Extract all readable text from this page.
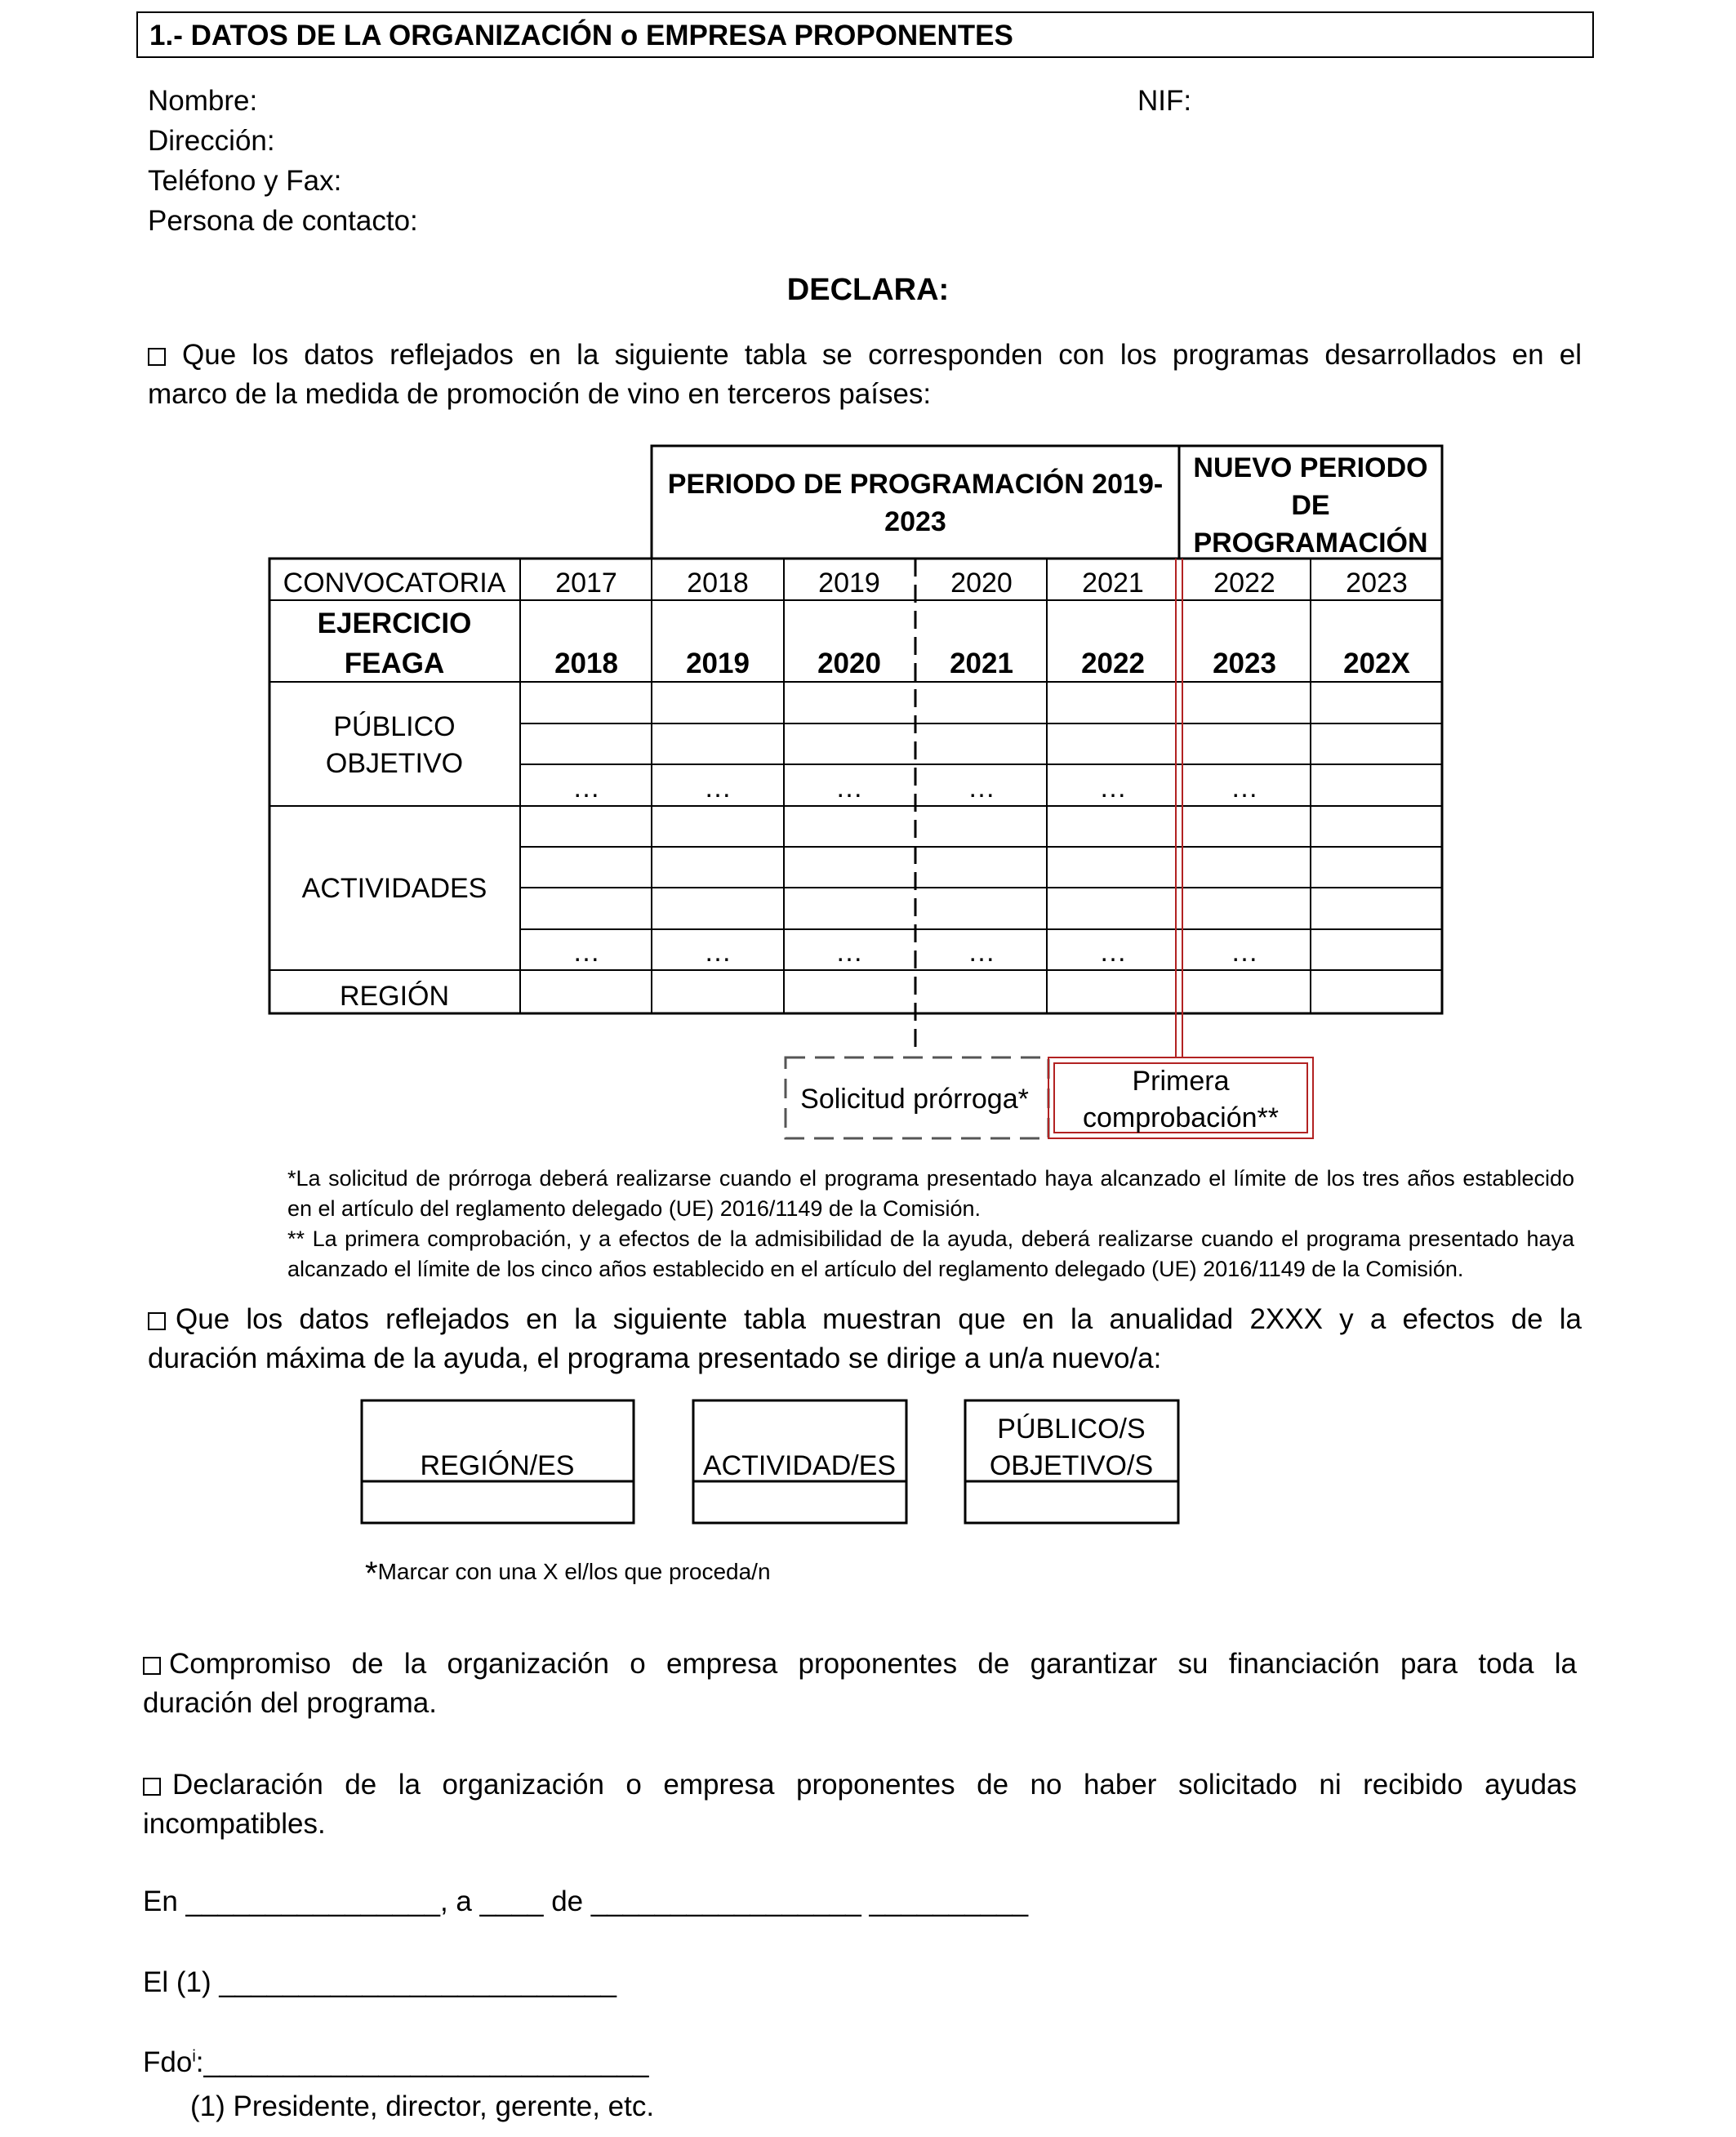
1.- DATOS DE LA ORGANIZACIÓN o EMPRESA PROPONENTES
Nombre:	NIF:
Dirección:
Teléfono y Fax:
Persona de contacto:
DECLARA:
Que los datos reflejados en la siguiente tabla se corresponden con los programas desarrollados en el
marco de la medida de promoción de vino en terceros países:
PERIODO DE PROGRAMACIÓN 2019-
2023
NUEVO PERIODO
DE
PROGRAMACIÓN
CONVOCATORIA 2017	2018	2019	2020	2021	2022	2023
EJERCICIO
FEAGA	2018 2019 2020 2021 2022 2023 202X
PÚBLICO
OBJETIVO
…	…	…	…	…	…
ACTIVIDADES
…	…	…	…	…	…
REGIÓN
Solicitud prórroga*
Primera
comprobación**
*La solicitud de prórroga deberá realizarse cuando el programa presentado haya alcanzado el límite de los tres años establecido
en el artículo del reglamento delegado (UE) 2016/1149 de la Comisión.
** La primera comprobación, y a efectos de la admisibilidad de la ayuda, deberá realizarse cuando el programa presentado haya
alcanzado el límite de los cinco años establecido en el artículo del reglamento delegado (UE) 2016/1149 de la Comisión.
Que los datos reflejados en la siguiente tabla muestran que en la anualidad 2XXX y a efectos de la
duración máxima de la ayuda, el programa presentado se dirige a un/a nuevo/a:
REGIÓN/ES	ACTIVIDAD/ES
PÚBLICO/S
OBJETIVO/S
*Marcar con una X el/los que proceda/n
Compromiso de la organización o empresa proponentes de garantizar su financiación para toda la
duración del programa.
Declaración de la organización o empresa proponentes de no haber solicitado ni recibido ayudas
incompatibles.
En ________________, a ____ de _________________ __________
El (1) _________________________
Fdo$^i$:____________________________
(1) Presidente, director, gerente, etc.
